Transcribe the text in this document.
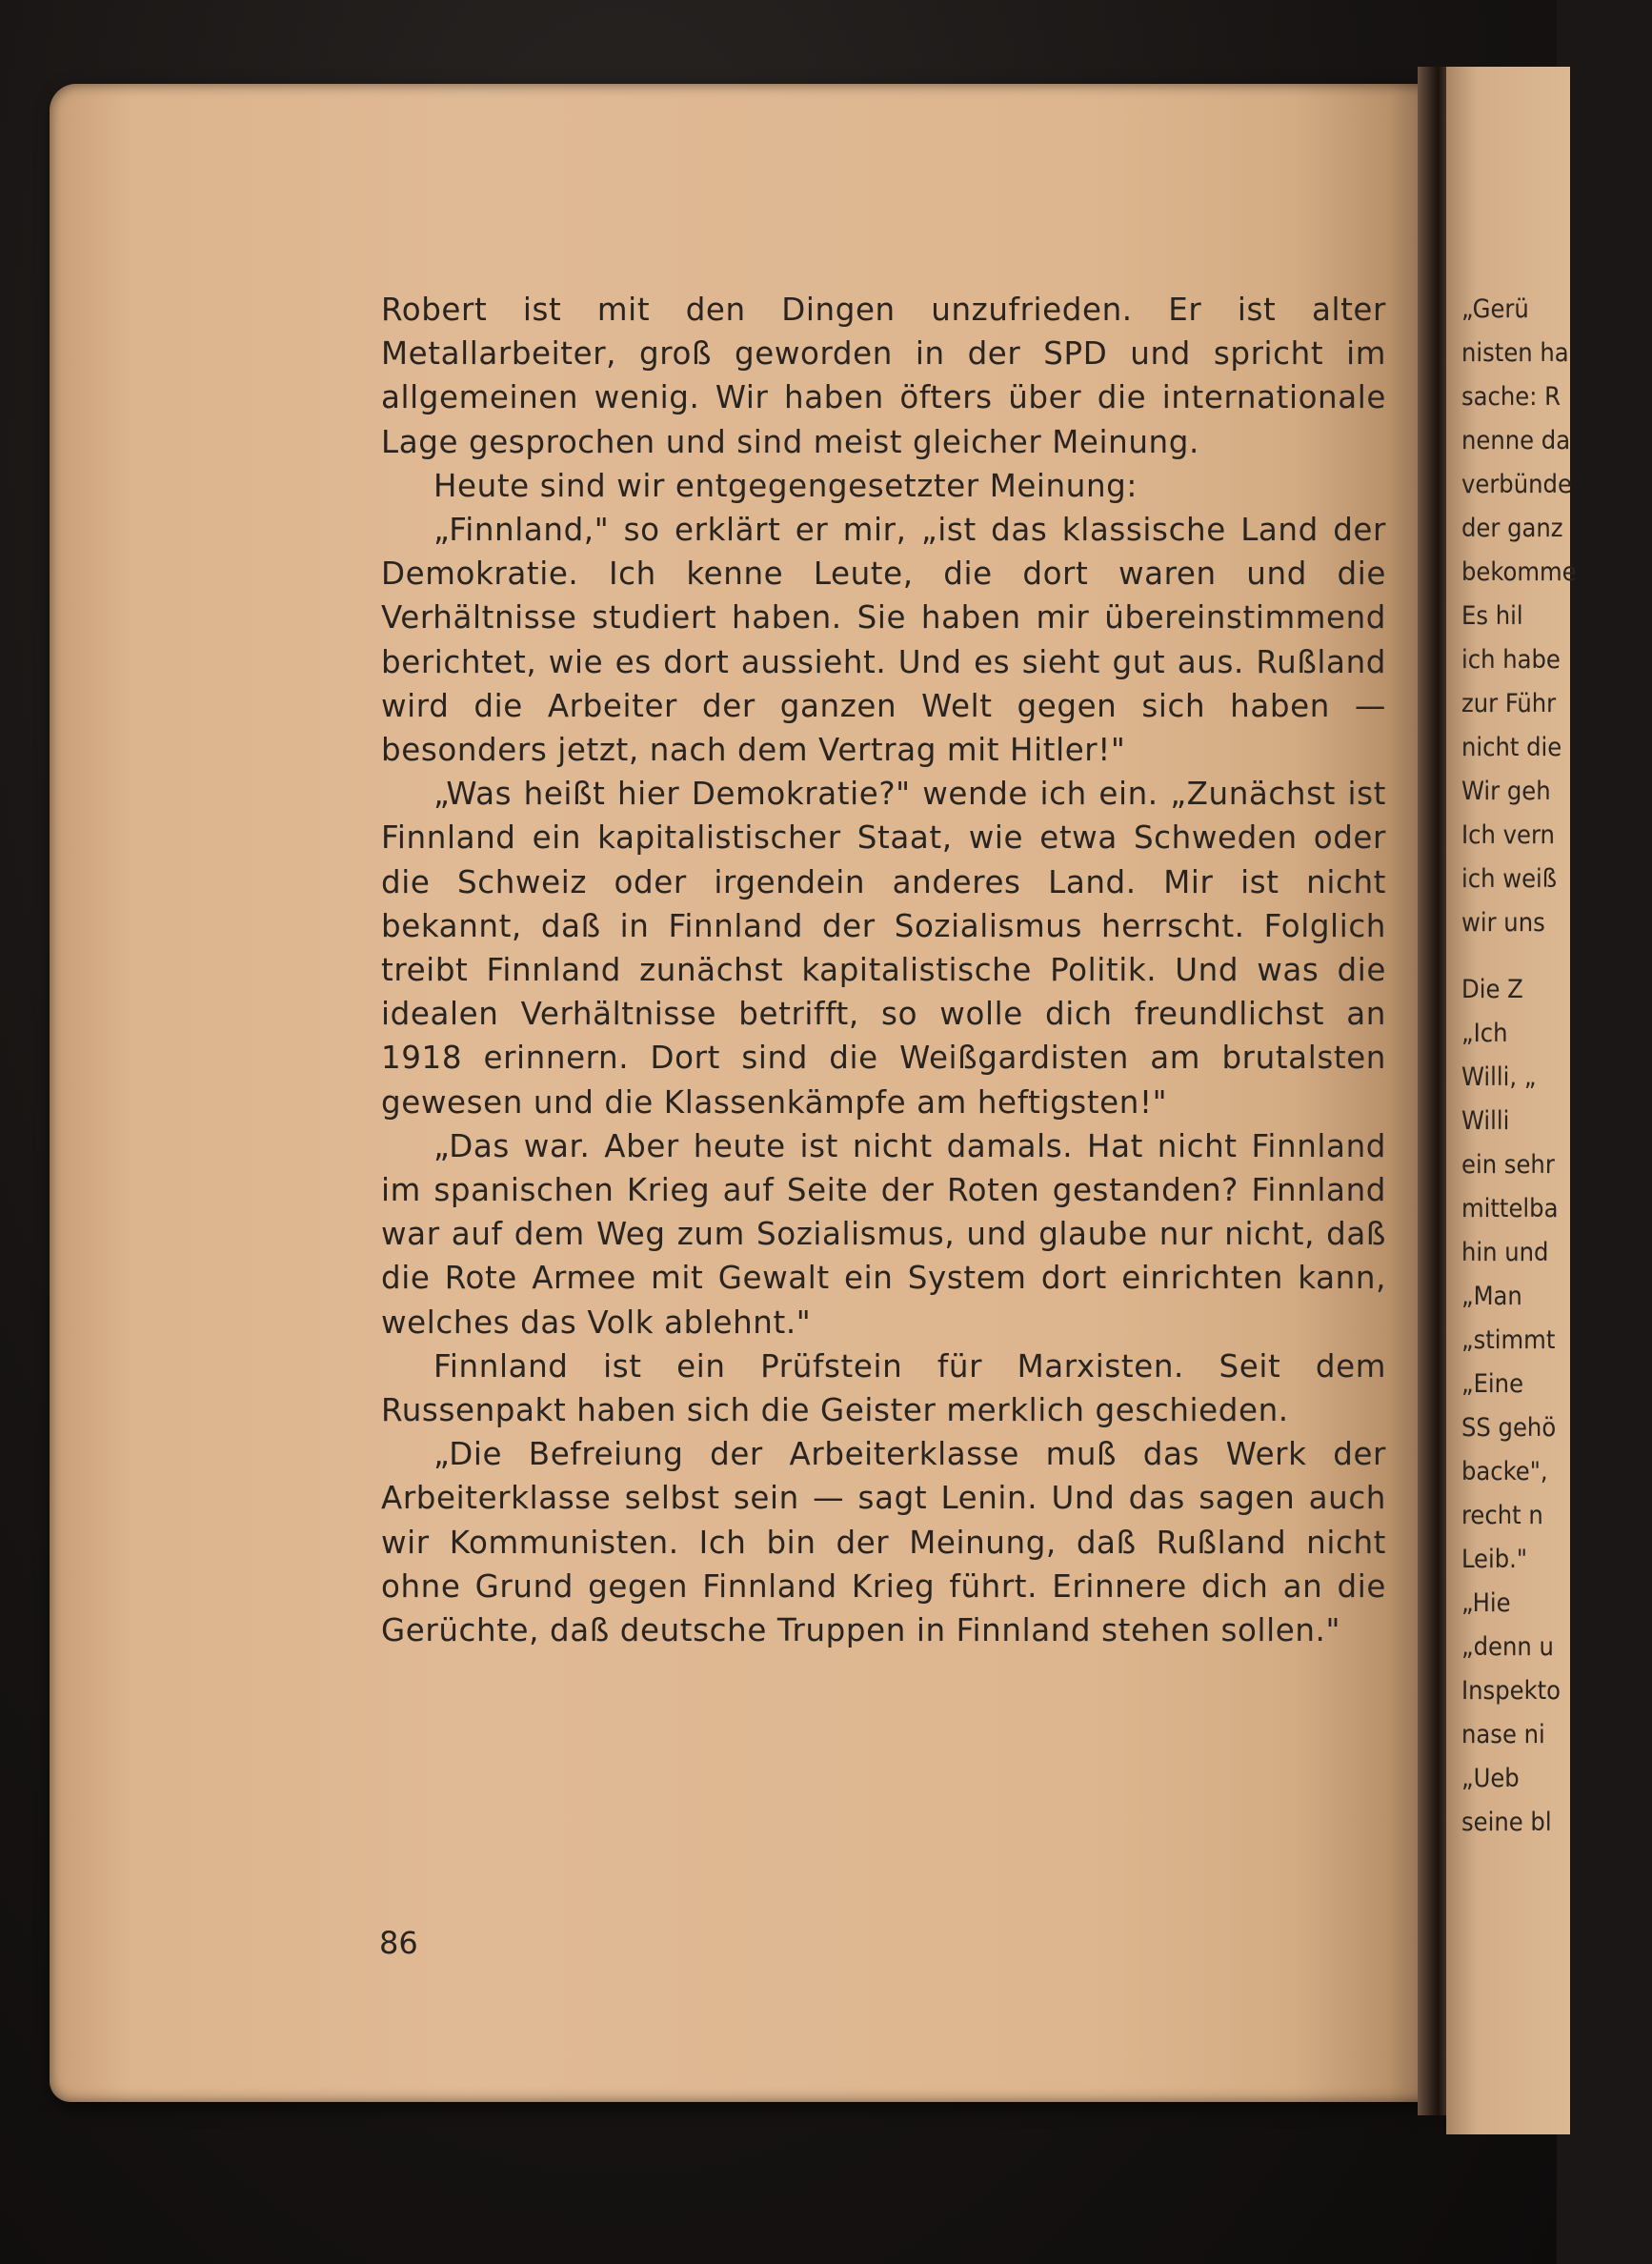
„Gerü
nisten ha
sache: R
nenne da
verbünde
der ganz
bekomme
Es hil
ich habe
zur Führ
nicht die
Wir geh
Ich vern
ich weiß
wir uns
Die Z
„Ich
Willi, „
Willi
ein sehr
mittelba
hin und
„Man
„stimmt
„Eine
SS gehö
backe",
recht n
Leib."
„Hie
„denn u
Inspekto
nase ni
„Ueb
seine bl

Robert ist mit den Dingen unzufrieden. Er ist alter Metallarbeiter, groß geworden in der SPD und spricht im allgemeinen wenig. Wir haben öfters über die internationale Lage gesprochen und sind meist gleicher Meinung.

Heute sind wir entgegengesetzter Meinung:

„Finnland," so erklärt er mir, „ist das klassische Land der Demokratie. Ich kenne Leute, die dort waren und die Verhältnisse studiert haben. Sie haben mir übereinstimmend berichtet, wie es dort aussieht. Und es sieht gut aus. Rußland wird die Arbeiter der ganzen Welt gegen sich haben — besonders jetzt, nach dem Vertrag mit Hitler!"

„Was heißt hier Demokratie?" wende ich ein. „Zunächst ist Finnland ein kapitalistischer Staat, wie etwa Schweden oder die Schweiz oder irgendein anderes Land. Mir ist nicht bekannt, daß in Finnland der Sozialismus herrscht. Folglich treibt Finnland zunächst kapitalistische Politik. Und was die idealen Verhältnisse betrifft, so wolle dich freundlichst an 1918 erinnern. Dort sind die Weißgardisten am brutalsten gewesen und die Klassenkämpfe am heftigsten!"

„Das war. Aber heute ist nicht damals. Hat nicht Finnland im spanischen Krieg auf Seite der Roten gestanden? Finnland war auf dem Weg zum Sozialismus, und glaube nur nicht, daß die Rote Armee mit Gewalt ein System dort einrichten kann, welches das Volk ablehnt."

Finnland ist ein Prüfstein für Marxisten. Seit dem Russenpakt haben sich die Geister merklich geschieden.

„Die Befreiung der Arbeiterklasse muß das Werk der Arbeiterklasse selbst sein — sagt Lenin. Und das sagen auch wir Kommunisten. Ich bin der Meinung, daß Rußland nicht ohne Grund gegen Finnland Krieg führt. Erinnere dich an die Gerüchte, daß deutsche Truppen in Finnland stehen sollen."

86
